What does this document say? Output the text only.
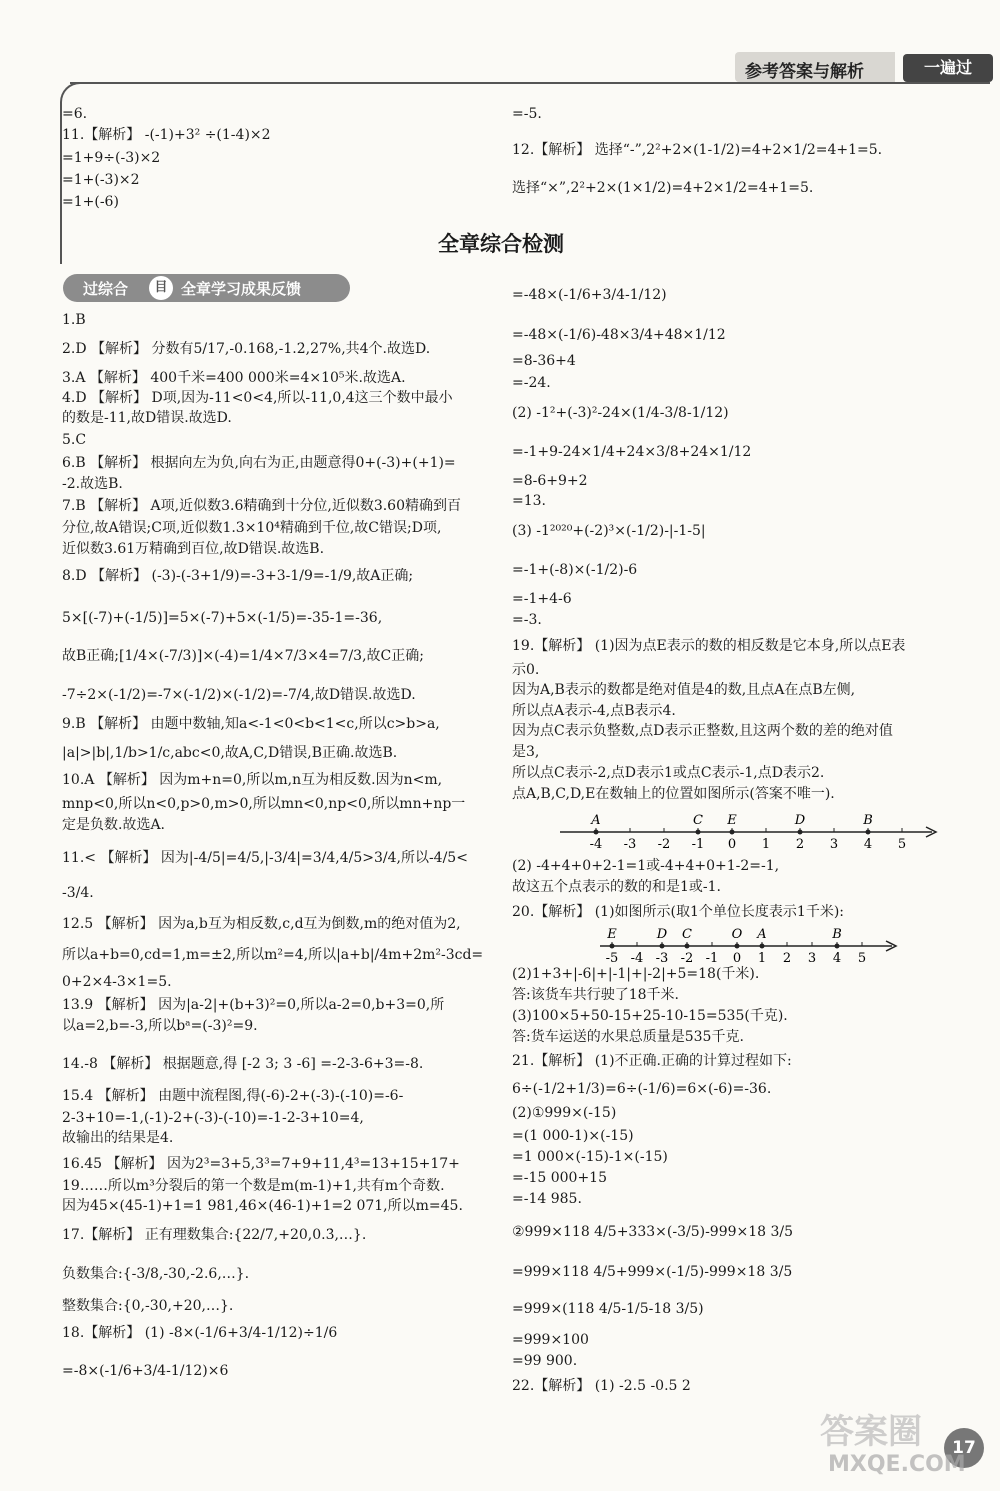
参考答案与解析	一遍过
全章综合检测
过综合	目 全章学习成果反馈
=6.
11.【解析】 -(-1)+3² ÷(1-4)×2
=1+9÷(-3)×2
=1+(-3)×2
=1+(-6)
1.B
2.D 【解析】 分数有5/17,-0.168,-1.2̇,27%,共4个.故选D.
3.A 【解析】 400千米=400 000米=4×10⁵米.故选A.
4.D 【解析】 D项,因为-11<0<4,所以-11,0,4这三个数中最小
的数是-11,故D错误.故选D.
5.C
6.B 【解析】 根据向左为负,向右为正,由题意得0+(-3)+(+1)=
-2.故选B.
7.B 【解析】 A项,近似数3.6精确到十分位,近似数3.60精确到百
分位,故A错误;C项,近似数1.3×10⁴精确到千位,故C错误;D项,
近似数3.61万精确到百位,故D错误.故选B.
8.D 【解析】 (-3)-(-3+1/9)=-3+3-1/9=-1/9,故A正确;
5×[(-7)+(-1/5)]=5×(-7)+5×(-1/5)=-35-1=-36,
故B正确;[1/4×(-7/3)]×(-4)=1/4×7/3×4=7/3,故C正确;
-7÷2×(-1/2)=-7×(-1/2)×(-1/2)=-7/4,故D错误.故选D.
9.B 【解析】 由题中数轴,知a<-1<0<b<1<c,所以c>b>a,
|a|>|b|,1/b>1/c,abc<0,故A,C,D错误,B正确.故选B.
10.A 【解析】 因为m+n=0,所以m,n互为相反数.因为n<m,
mnp<0,所以n<0,p>0,m>0,所以mn<0,np<0,所以mn+np一
定是负数.故选A.
11.< 【解析】 因为|-4/5|=4/5,|-3/4|=3/4,4/5>3/4,所以-4/5<
-3/4.
12.5 【解析】 因为a,b互为相反数,c,d互为倒数,m的绝对值为2,
所以a+b=0,cd=1,m=±2,所以m²=4,所以|a+b|/4m+2m²-3cd=
0+2×4-3×1=5.
13.9 【解析】 因为|a-2|+(b+3)²=0,所以a-2=0,b+3=0,所
以a=2,b=-3,所以bᵃ=(-3)²=9.
14.-8 【解析】 根据题意,得 [-2 3; 3 -6] =-2-3-6+3=-8.
15.4 【解析】 由题中流程图,得(-6)-2+(-3)-(-10)=-6-
2-3+10=-1,(-1)-2+(-3)-(-10)=-1-2-3+10=4,
故输出的结果是4.
16.45 【解析】 因为2³=3+5,3³=7+9+11,4³=13+15+17+
19……所以m³分裂后的第一个数是m(m-1)+1,共有m个奇数.
因为45×(45-1)+1=1 981,46×(46-1)+1=2 071,所以m=45.
17.【解析】 正有理数集合:{22/7,+20,0.3̇,…}.
负数集合:{-3/8,-30,-2.6,…}.
整数集合:{0,-30,+20,…}.
18.【解析】 (1) -8×(-1/6+3/4-1/12)÷1/6
=-8×(-1/6+3/4-1/12)×6
=-5.
12.【解析】 选择“-”,2²+2×(1-1/2)=4+2×1/2=4+1=5.
选择“×”,2²+2×(1×1/2)=4+2×1/2=4+1=5.
=-48×(-1/6+3/4-1/12)
=-48×(-1/6)-48×3/4+48×1/12
=8-36+4
=-24.
(2) -1²+(-3)²-24×(1/4-3/8-1/12)
=-1+9-24×1/4+24×3/8+24×1/12
=8-6+9+2
=13.
(3) -1²⁰²⁰+(-2)³×(-1/2)-|-1-5|
=-1+(-8)×(-1/2)-6
=-1+4-6
=-3.
19.【解析】 (1)因为点E表示的数的相反数是它本身,所以点E表
示0.
因为A,B表示的数都是绝对值是4的数,且点A在点B左侧,
所以点A表示-4,点B表示4.
因为点C表示负整数,点D表示正整数,且这两个数的差的绝对值
是3,
所以点C表示-2,点D表示1或点C表示-1,点D表示2.
点A,B,C,D,E在数轴上的位置如图所示(答案不唯一).
(2) -4+4+0+2-1=1或-4+4+0+1-2=-1,
故这五个点表示的数的和是1或-1.
20.【解析】 (1)如图所示(取1个单位长度表示1千米):
(2)1+3+|-6|+|-1|+|-2|+5=18(千米).
答:该货车共行驶了18千米.
(3)100×5+50-15+25-10-15=535(千克).
答:货车运送的水果总质量是535千克.
21.【解析】 (1)不正确.正确的计算过程如下:
6÷(-1/2+1/3)=6÷(-1/6)=6×(-6)=-36.
(2)①999×(-15)
=(1 000-1)×(-15)
=1 000×(-15)-1×(-15)
=-15 000+15
=-14 985.
②999×118 4/5+333×(-3/5)-999×18 3/5
=999×118 4/5+999×(-1/5)-999×18 3/5
=999×(118 4/5-1/5-18 3/5)
=999×100
=99 900.
22.【解析】 (1) -2.5 -0.5 2
-4 -3 -2 -1 0 1 2 3 4 5
A	C E	D	B
-5 -4 -3 -2 -1 0 1 2 3 4 5
E	D C	O A	B
17
答案圈
MXQE.COM
